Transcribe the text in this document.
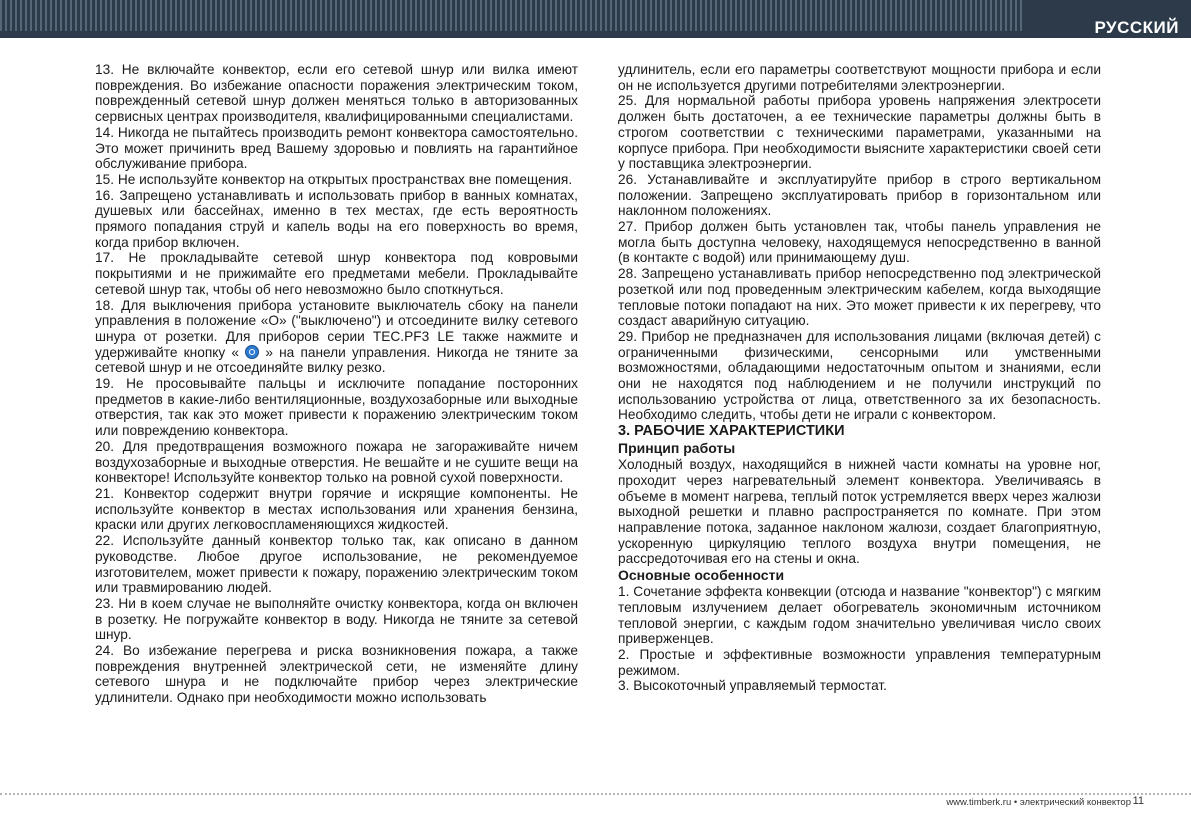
РУССКИЙ

13. Не включайте конвектор, если его сетевой шнур или вилка имеют повреждения. Во избежание опасности поражения электрическим током, поврежденный сетевой шнур должен меняться только в авторизованных сервисных центрах производителя, квалифицированными специалистами.

14. Никогда не пытайтесь производить ремонт конвектора самостоятельно. Это может причинить вред Вашему здоровью и повлиять на гарантийное обслуживание прибора.

15. Не используйте конвектор на открытых пространствах вне помещения.

16. Запрещено устанавливать и использовать прибор в ванных комнатах, душевых или бассейнах, именно в тех местах, где есть вероятность прямого попадания струй и капель воды на его поверхность во время, когда прибор включен.

17. Не прокладывайте сетевой шнур конвектора под ковровыми покрытиями и не прижимайте его предметами мебели. Прокладывайте сетевой шнур так, чтобы об него невозможно было споткнуться.

18. Для выключения прибора установите выключатель сбоку на панели управления в положение «О» ("выключено") и отсоедините вилку сетевого шнура от розетки. Для приборов серии TEC.PF3 LE также нажмите и удерживайте кнопку « » на панели управления. Никогда не тяните за сетевой шнур и не отсоединяйте вилку резко.

19. Не просовывайте пальцы и исключите попадание посторонних предметов в какие-либо вентиляционные, воздухозаборные или выходные отверстия, так как это может привести к поражению электрическим током или повреждению конвектора.

20. Для предотвращения возможного пожара не загораживайте ничем воздухозаборные и выходные отверстия. Не вешайте и не сушите вещи на конвекторе! Используйте конвектор только на ровной сухой поверхности.

21. Конвектор содержит внутри горячие и искрящие компоненты. Не используйте конвектор в местах использования или хранения бензина, краски или других легковоспламеняющихся жидкостей.

22. Используйте данный конвектор только так, как описано в данном руководстве. Любое другое использование, не рекомендуемое изготовителем, может привести к пожару, поражению электрическим током или травмированию людей.

23. Ни в коем случае не выполняйте очистку конвектора, когда он включен в розетку. Не погружайте конвектор в воду. Никогда не тяните за сетевой шнур.

24. Во избежание перегрева и риска возникновения пожара, а также повреждения внутренней электрической сети, не изменяйте длину сетевого шнура и не подключайте прибор через электрические удлинители. Однако при необходимости можно использовать

удлинитель, если его параметры соответствуют мощности прибора и если он не используется другими потребителями электроэнергии.

25. Для нормальной работы прибора уровень напряжения электросети должен быть достаточен, а ее технические параметры должны быть в строгом соответствии с техническими параметрами, указанными на корпусе прибора. При необходимости выясните характеристики своей сети у поставщика электроэнергии.

26. Устанавливайте и эксплуатируйте прибор в строго вертикальном положении. Запрещено эксплуатировать прибор в горизонтальном или наклонном положениях.

27. Прибор должен быть установлен так, чтобы панель управления не могла быть доступна человеку, находящемуся непосредственно в ванной (в контакте с водой) или принимающему душ.

28. Запрещено устанавливать прибор непосредственно под электрической розеткой или под проведенным электрическим кабелем, когда выходящие тепловые потоки попадают на них. Это может привести к их перегреву, что создаст аварийную ситуацию.

29. Прибор не предназначен для использования лицами (включая детей) с ограниченными физическими, сенсорными или умственными возможностями, обладающими недостаточным опытом и знаниями, если они не находятся под наблюдением и не получили инструкций по использованию устройства от лица, ответственного за их безопасность. Необходимо следить, чтобы дети не играли с конвектором.

3. РАБОЧИЕ ХАРАКТЕРИСТИКИ

Принцип работы

Холодный воздух, находящийся в нижней части комнаты на уровне ног, проходит через нагревательный элемент конвектора. Увеличиваясь в объеме в момент нагрева, теплый поток устремляется вверх через жалюзи выходной решетки и плавно распространяется по комнате. При этом направление потока, заданное наклоном жалюзи, создает благоприятную, ускоренную циркуляцию теплого воздуха внутри помещения, не рассредоточивая его на стены и окна.

Основные особенности

1. Сочетание эффекта конвекции (отсюда и название "конвектор") с мягким тепловым излучением делает обогреватель экономичным источником тепловой энергии, с каждым годом значительно увеличивая число своих приверженцев.

2. Простые и эффективные возможности управления температурным режимом.

3. Высокоточный управляемый термостат.

www.timberk.ru • электрический конвектор 11
